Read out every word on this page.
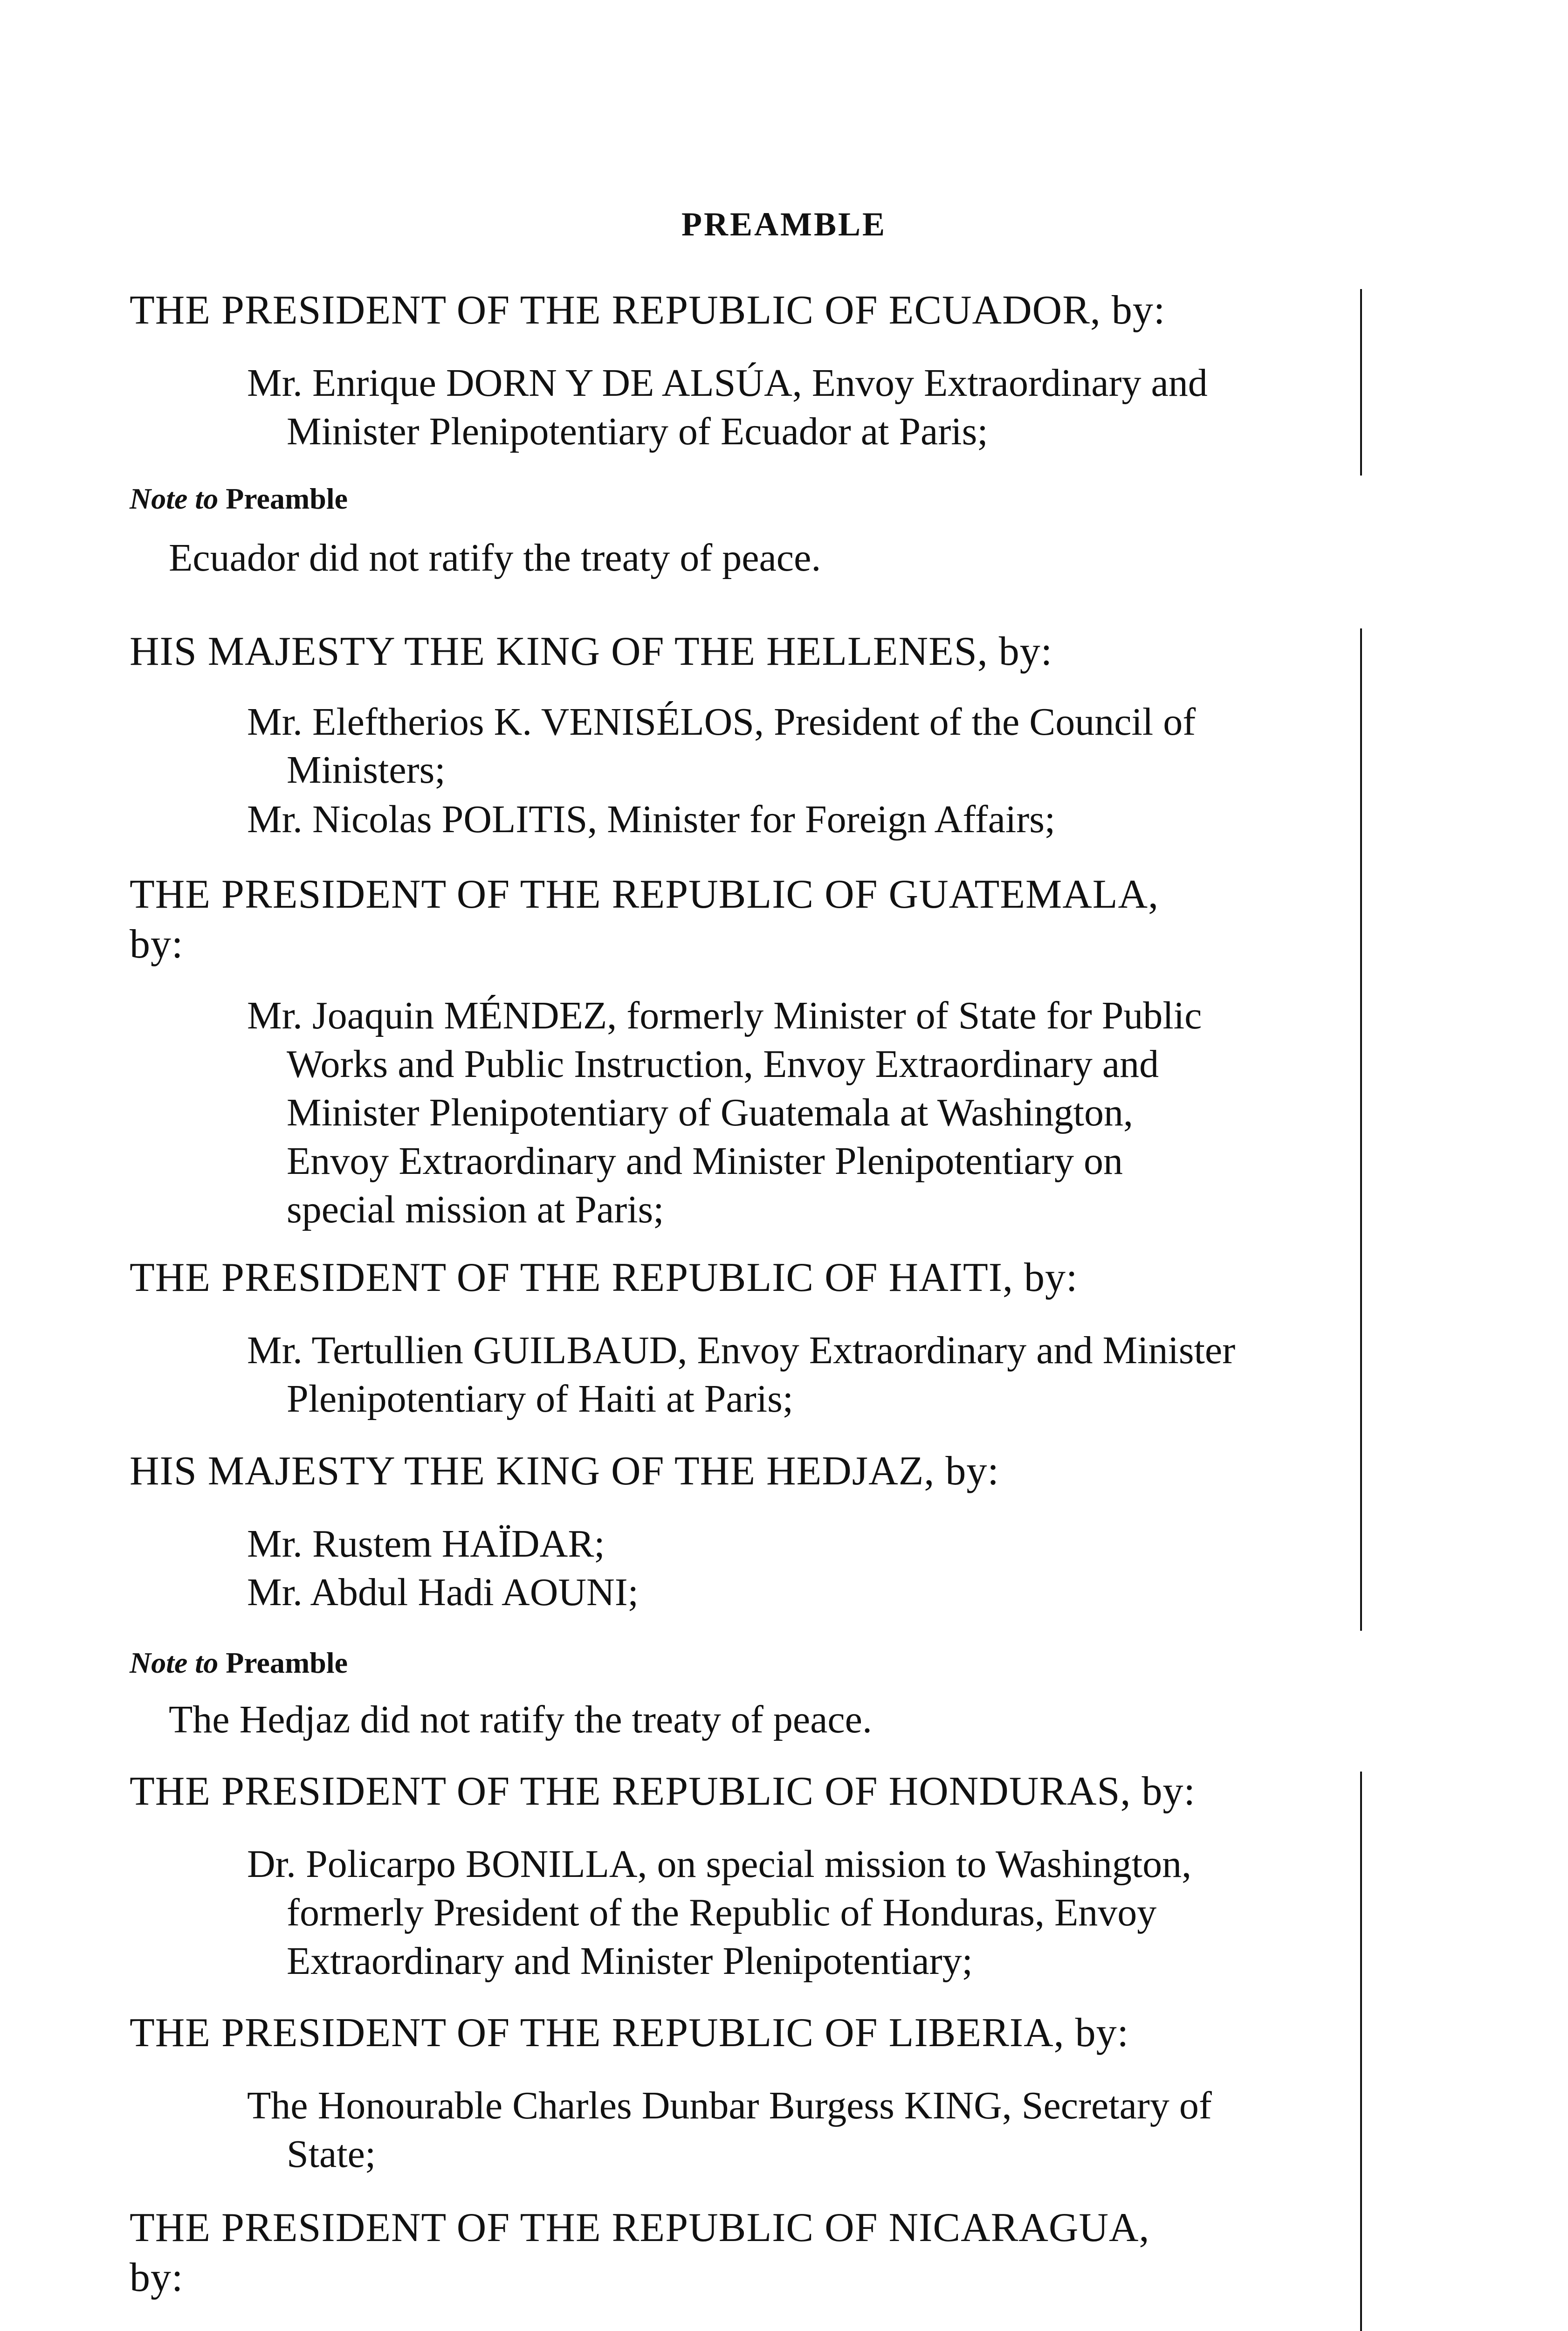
PREAMBLE
THE PRESIDENT OF THE REPUBLIC OF ECUADOR, by:
Mr. Enrique DORN Y DE ALSÚA, Envoy Extraordinary and
Minister Plenipotentiary of Ecuador at Paris;
Note to Preamble
Ecuador did not ratify the treaty of peace.
HIS MAJESTY THE KING OF THE HELLENES, by:
Mr. Eleftherios K. VENISÉLOS, President of the Council of
Ministers;
Mr. Nicolas POLITIS, Minister for Foreign Affairs;
THE PRESIDENT OF THE REPUBLIC OF GUATEMALA,
by:
Mr. Joaquin MÉNDEZ, formerly Minister of State for Public
Works and Public Instruction, Envoy Extraordinary and
Minister Plenipotentiary of Guatemala at Washington,
Envoy Extraordinary and Minister Plenipotentiary on
special mission at Paris;
THE PRESIDENT OF THE REPUBLIC OF HAITI, by:
Mr. Tertullien GUILBAUD, Envoy Extraordinary and Minister
Plenipotentiary of Haiti at Paris;
HIS MAJESTY THE KING OF THE HEDJAZ, by:
Mr. Rustem HAÏDAR;
Mr. Abdul Hadi AOUNI;
Note to Preamble
The Hedjaz did not ratify the treaty of peace.
THE PRESIDENT OF THE REPUBLIC OF HONDURAS, by:
Dr. Policarpo BONILLA, on special mission to Washington,
formerly President of the Republic of Honduras, Envoy
Extraordinary and Minister Plenipotentiary;
THE PRESIDENT OF THE REPUBLIC OF LIBERIA, by:
The Honourable Charles Dunbar Burgess KING, Secretary of
State;
THE PRESIDENT OF THE REPUBLIC OF NICARAGUA,
by:
